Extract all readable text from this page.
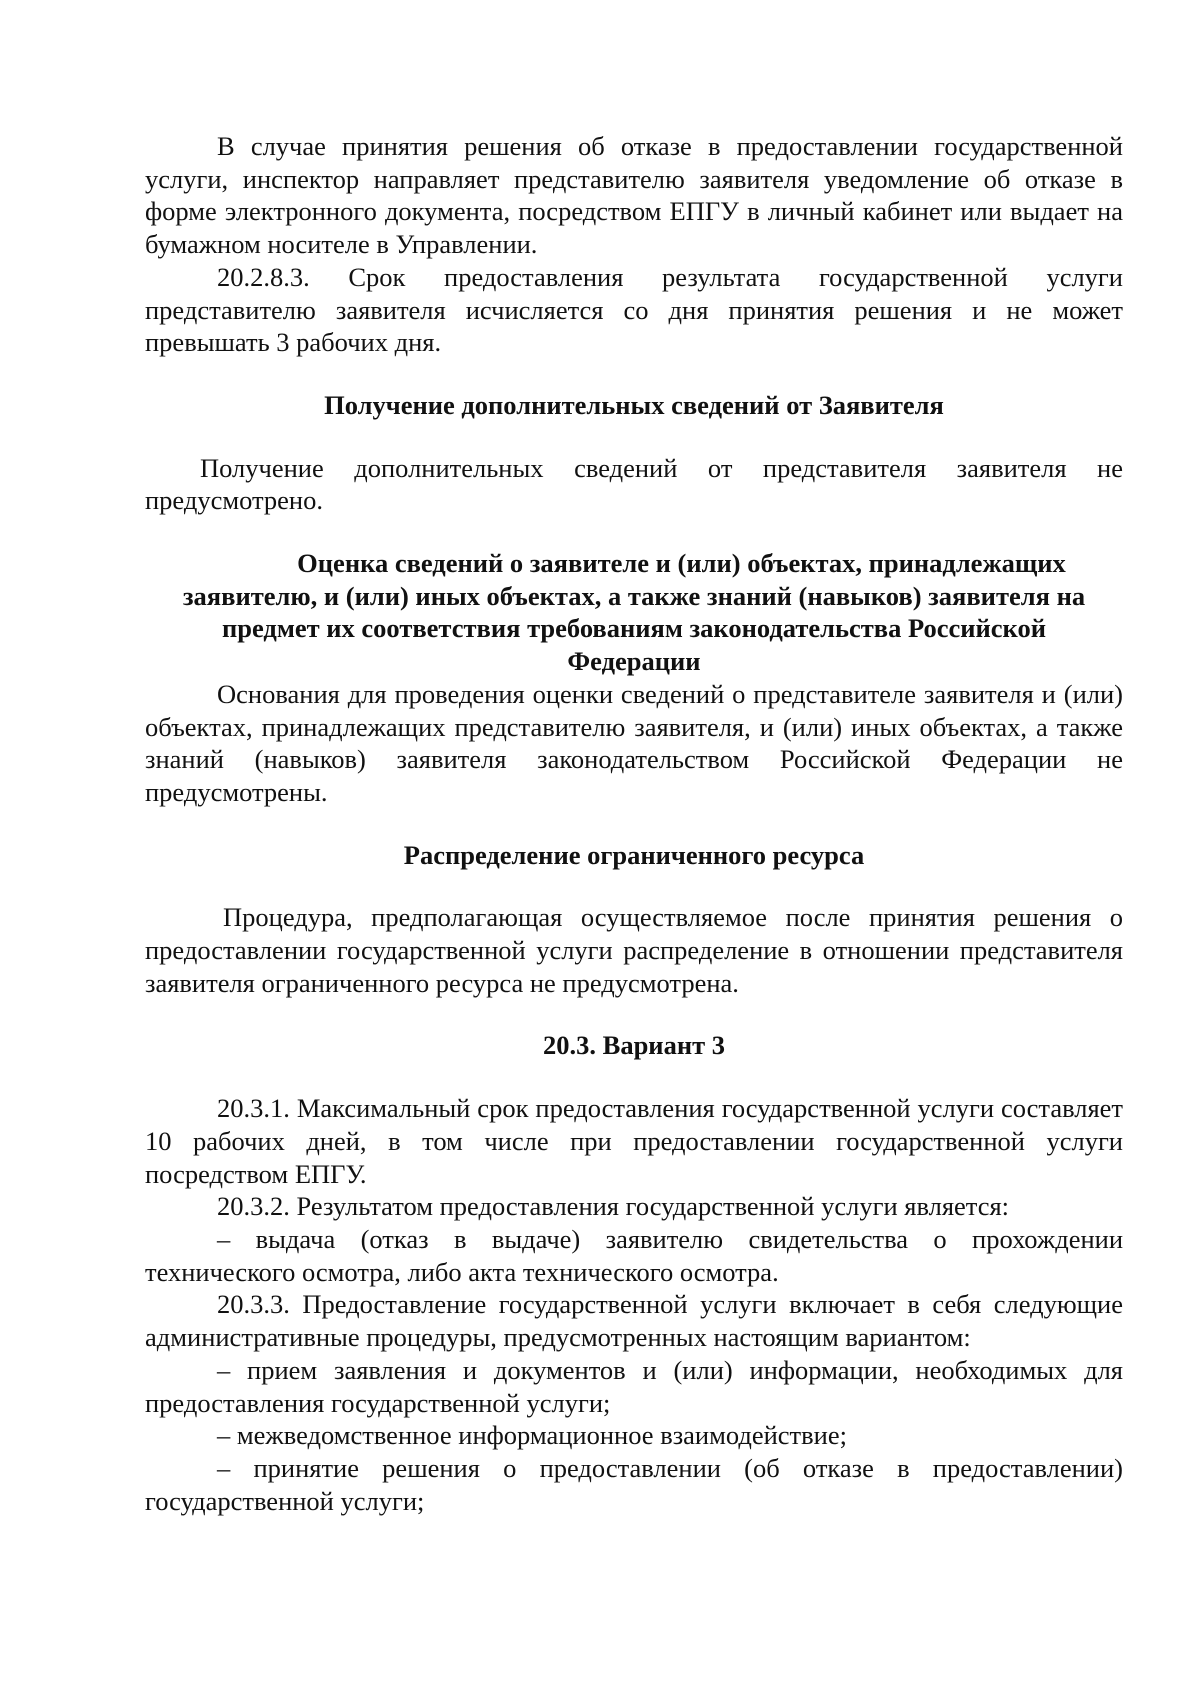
В случае принятия решения об отказе в предоставлении государственной услуги, инспектор направляет представителю заявителя уведомление об отказе в форме электронного документа, посредством ЕПГУ в личный кабинет или выдает на бумажном носителе в Управлении.

20.2.8.3. Срок предоставления результата государственной услуги представителю заявителя исчисляется со дня принятия решения и не может превышать 3 рабочих дня.

Получение дополнительных сведений от Заявителя

Получение дополнительных сведений от представителя заявителя не предусмотрено.

Оценка сведений о заявителе и (или) объектах, принадлежащих заявителю, и (или) иных объектах, а также знаний (навыков) заявителя на предмет их соответствия требованиям законодательства Российской Федерации

Основания для проведения оценки сведений о представителе заявителя и (или) объектах, принадлежащих представителю заявителя, и (или) иных объектах, а также знаний (навыков) заявителя законодательством Российской Федерации не предусмотрены.

Распределение ограниченного ресурса

Процедура, предполагающая осуществляемое после принятия решения о предоставлении государственной услуги распределение в отношении представителя заявителя ограниченного ресурса не предусмотрена.

20.3. Вариант 3

20.3.1. Максимальный срок предоставления государственной услуги составляет 10 рабочих дней, в том числе при предоставлении государственной услуги посредством ЕПГУ.

20.3.2. Результатом предоставления государственной услуги является:

– выдача (отказ в выдаче) заявителю свидетельства о прохождении технического осмотра, либо акта технического осмотра.

20.3.3. Предоставление государственной услуги включает в себя следующие административные процедуры, предусмотренных настоящим вариантом:

– прием заявления и документов и (или) информации, необходимых для предоставления государственной услуги;

– межведомственное информационное взаимодействие;

– принятие решения о предоставлении (об отказе в предоставлении) государственной услуги;
